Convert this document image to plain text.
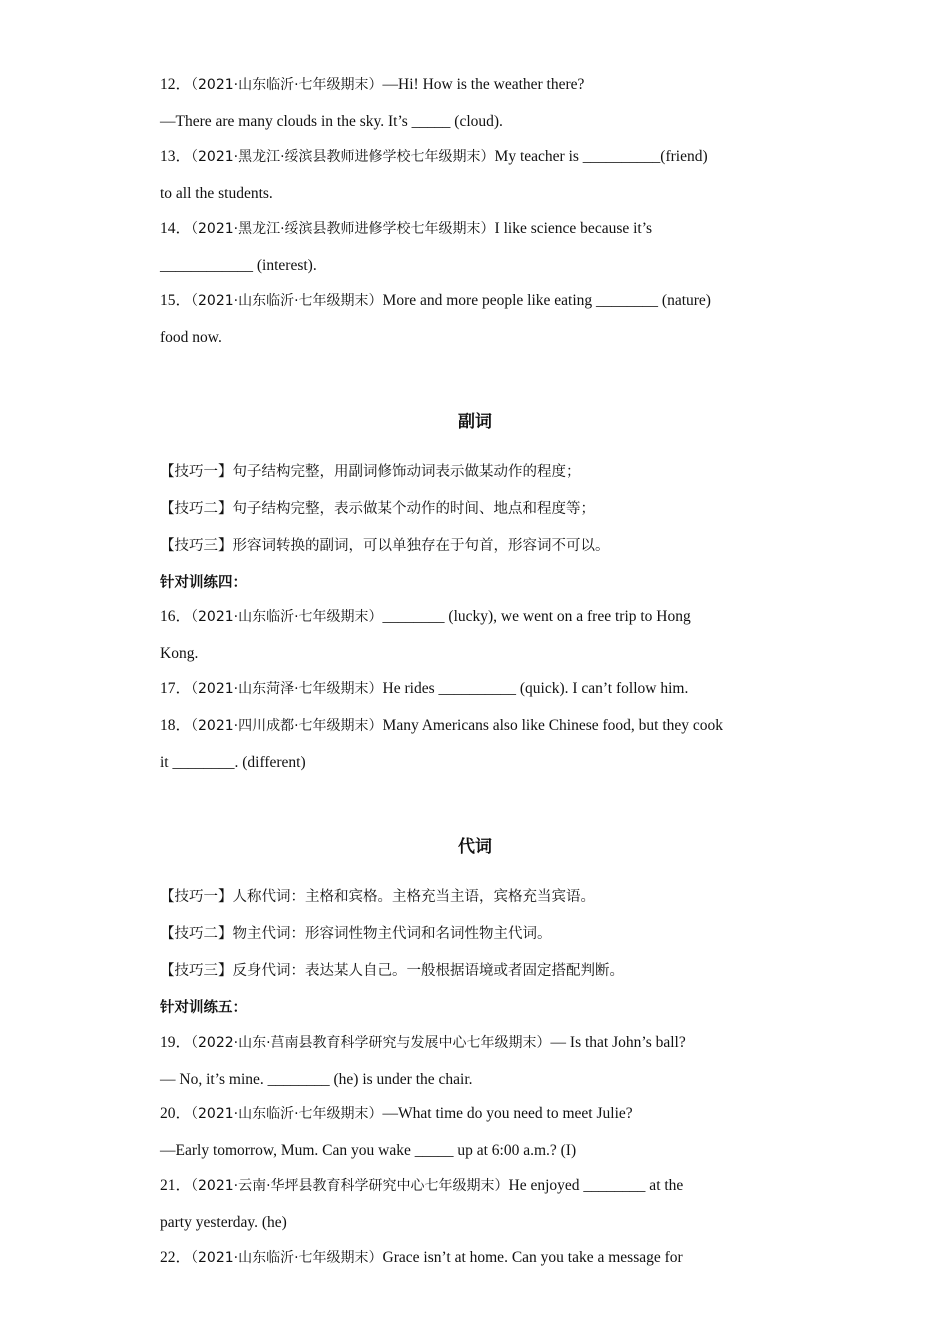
12．（2021·山东临沂·七年级期末）—Hi! How is the weather there?
—There are many clouds in the sky. It’s _____ (cloud).
13．（2021·黑龙江·绥滨县教师进修学校七年级期末）My teacher is __________(friend)
to all the students.
14．（2021·黑龙江·绥滨县教师进修学校七年级期末）I like science because it’s
____________ (interest).
15．（2021·山东临沂·七年级期末）More and more people like eating ________ (nature)
food now.
副词
【技巧一】句子结构完整，用副词修饰动词表示做某动作的程度；
【技巧二】句子结构完整，表示做某个动作的时间、地点和程度等；
【技巧三】形容词转换的副词，可以单独存在于句首，形容词不可以。
针对训练四：
16．（2021·山东临沂·七年级期末）________ (lucky), we went on a free trip to Hong
Kong.
17．（2021·山东菏泽·七年级期末）He rides __________ (quick). I can’t follow him.
18．（2021·四川成都·七年级期末）Many Americans also like Chinese food, but they cook
it ________. (different)
代词
【技巧一】人称代词：主格和宾格。主格充当主语，宾格充当宾语。
【技巧二】物主代词：形容词性物主代词和名词性物主代词。
【技巧三】反身代词：表达某人自己。一般根据语境或者固定搭配判断。
针对训练五：
19．（2022·山东·莒南县教育科学研究与发展中心七年级期末）— Is that John’s ball?
— No, it’s mine. ________ (he) is under the chair.
20．（2021·山东临沂·七年级期末）—What time do you need to meet Julie?
—Early tomorrow, Mum. Can you wake _____ up at 6:00 a.m.? (I)
21．（2021·云南·华坪县教育科学研究中心七年级期末）He enjoyed ________ at the
party yesterday. (he)
22．（2021·山东临沂·七年级期末）Grace isn’t at home. Can you take a message for
